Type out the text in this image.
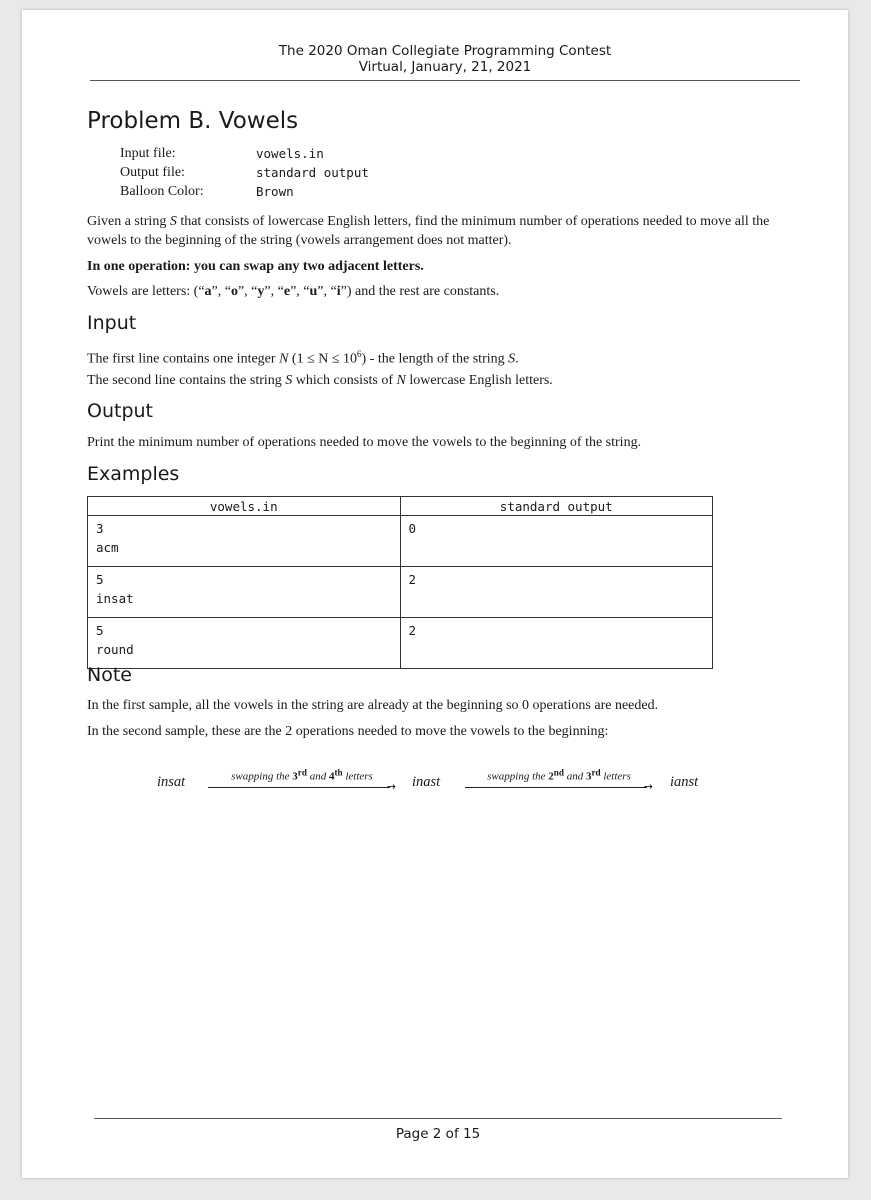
The 2020 Oman Collegiate Programming Contest
Virtual, January, 21, 2021
Problem B. Vowels
Input file:	vowels.in
Output file:	standard output
Balloon Color:	Brown
Given a string S that consists of lowercase English letters, find the minimum number of operations needed to move all the vowels to the beginning of the string (vowels arrangement does not matter).
In one operation: you can swap any two adjacent letters.
Vowels are letters: (“a”, “o”, “y”, “e”, “u”, “i”) and the rest are constants.
Input
The first line contains one integer N $(1 \le N \le 10^6)$ - the length of the string S.
The second line contains the string S which consists of N lowercase English letters.
Output
Print the minimum number of operations needed to move the vowels to the beginning of the string.
Examples
vowels.in	standard output

3
acm	0

5
insat	2

5
round	2
Note
In the first sample, all the vowels in the string are already at the beginning so 0 operations are needed.
In the second sample, these are the 2 operations needed to move the vowels to the beginning:
insat	swapping the 3rd and 4th letters
→ inast	swapping the 2nd and 3rd letters
→ ianst
Page 2 of 15
